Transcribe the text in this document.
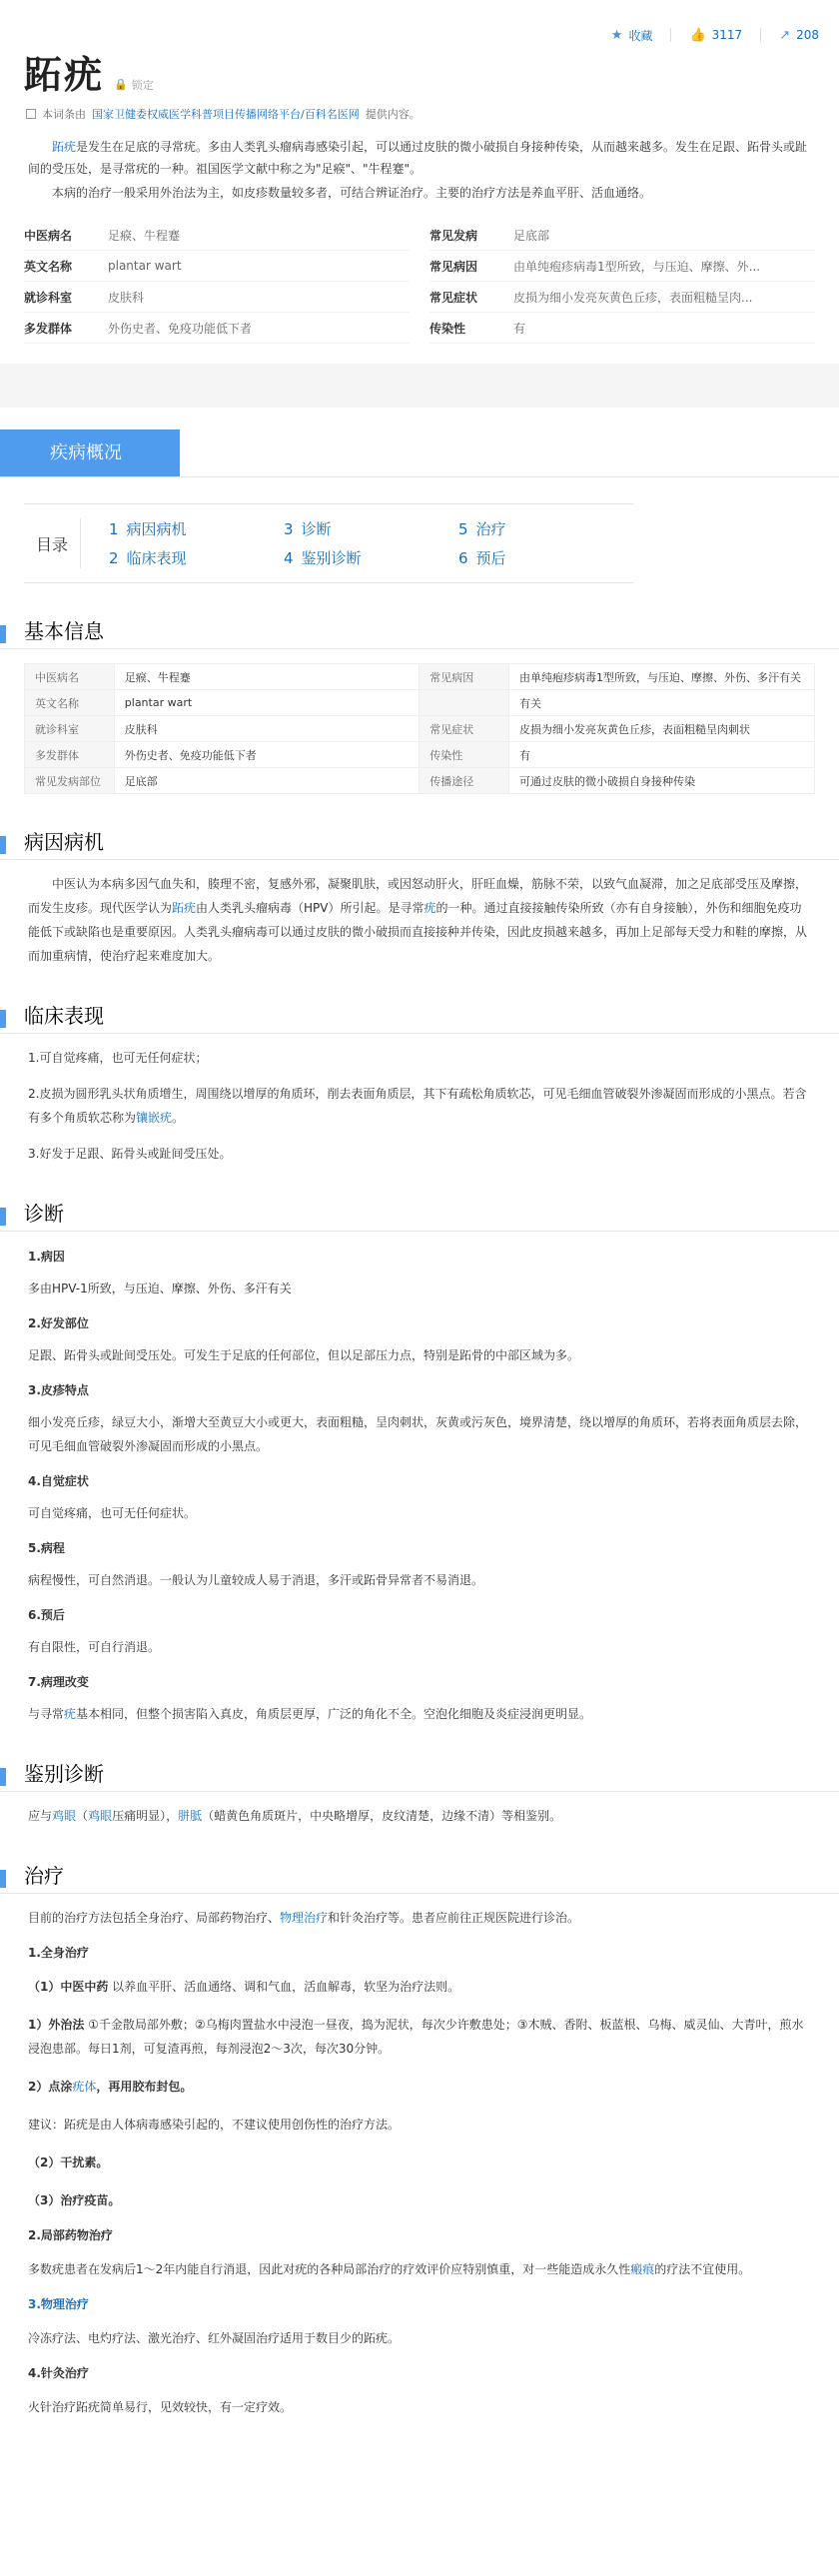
★ 收藏	👍 3117	↗ 208
跖疣 🔒 锁定
本词条由 国家卫健委权威医学科普项目传播网络平台/百科名医网 提供内容。

跖疣是发生在足底的寻常疣。多由人类乳头瘤病毒感染引起，可以通过皮肤的微小破损自身接种传染，从而越来越多。发生在足跟、跖骨头或趾间的受压处，是寻常疣的一种。祖国医学文献中称之为"足瘊"、"牛程蹇"。

本病的治疗一般采用外治法为主，如皮疹数量较多者，可结合辨证治疗。主要的治疗方法是养血平肝、活血通络。

中医病名	足瘊、牛程蹇	常见发病	足底部
英文名称	plantar wart	常见病因	由单纯疱疹病毒1型所致，与压迫、摩擦、外...
就诊科室	皮肤科	常见症状	皮损为细小发亮灰黄色丘疹，表面粗糙呈肉...
多发群体	外伤史者、免疫功能低下者	传染性	有
疾病概况
目录
1 病因病机	3 诊断	5 治疗
2 临床表现	4 鉴别诊断	6 预后
基本信息
中医病名	足瘊、牛程蹇	常见病因	由单纯疱疹病毒1型所致，与压迫、摩擦、外伤、多汗有关
英文名称	plantar wart		有关
就诊科室	皮肤科	常见症状	皮损为细小发亮灰黄色丘疹，表面粗糙呈肉刺状
多发群体	外伤史者、免疫功能低下者	传染性	有
常见发病部位	足底部	传播途径	可通过皮肤的微小破损自身接种传染
病因病机

中医认为本病多因气血失和，腠理不密，复感外邪，凝聚肌肤，或因怒动肝火，肝旺血燥，筋脉不荣，以致气血凝滞，加之足底部受压及摩擦，而发生皮疹。现代医学认为跖疣由人类乳头瘤病毒（HPV）所引起。是寻常疣的一种。通过直接接触传染所致（亦有自身接触），外伤和细胞免疫功能低下或缺陷也是重要原因。人类乳头瘤病毒可以通过皮肤的微小破损而直接接种并传染，因此皮损越来越多，再加上足部每天受力和鞋的摩擦，从而加重病情，使治疗起来难度加大。

临床表现

1.可自觉疼痛，也可无任何症状；

2.皮损为圆形乳头状角质增生，周围绕以增厚的角质环，削去表面角质层，其下有疏松角质软芯，可见毛细血管破裂外渗凝固而形成的小黑点。若含有多个角质软芯称为镶嵌疣。

3.好发于足跟、跖骨头或趾间受压处。

诊断

1.病因

多由HPV-1所致，与压迫、摩擦、外伤、多汗有关

2.好发部位

足跟、跖骨头或趾间受压处。可发生于足底的任何部位，但以足部压力点，特别是跖骨的中部区域为多。

3.皮疹特点

细小发亮丘疹，绿豆大小，渐增大至黄豆大小或更大，表面粗糙，呈肉刺状，灰黄或污灰色，境界清楚，绕以增厚的角质环，若将表面角质层去除，可见毛细血管破裂外渗凝固而形成的小黑点。

4.自觉症状

可自觉疼痛，也可无任何症状。

5.病程

病程慢性，可自然消退。一般认为儿童较成人易于消退，多汗或跖骨异常者不易消退。

6.预后

有自限性，可自行消退。

7.病理改变

与寻常疣基本相同，但整个损害陷入真皮，角质层更厚，广泛的角化不全。空泡化细胞及炎症浸润更明显。

鉴别诊断

应与鸡眼（鸡眼压痛明显），胼胝（蜡黄色角质斑片，中央略增厚，皮纹清楚，边缘不清）等相鉴别。

治疗

目前的治疗方法包括全身治疗、局部药物治疗、物理治疗和针灸治疗等。患者应前往正规医院进行诊治。

1.全身治疗

（1）中医中药 以养血平肝、活血通络、调和气血，活血解毒，软坚为治疗法则。

1）外治法 ①千金散局部外敷；②乌梅肉置盐水中浸泡一昼夜，捣为泥状，每次少许敷患处；③木贼、香附、板蓝根、乌梅、威灵仙、大青叶，煎水浸泡患部。每日1剂，可复渣再煎，每剂浸泡2～3次，每次30分钟。

2）点涂疣体，再用胶布封包。

建议：跖疣是由人体病毒感染引起的，不建议使用创伤性的治疗方法。

（2）干扰素。

（3）治疗疫苗。

2.局部药物治疗

多数疣患者在发病后1～2年内能自行消退，因此对疣的各种局部治疗的疗效评价应特别慎重，对一些能造成永久性瘢痕的疗法不宜使用。

3.物理治疗

冷冻疗法、电灼疗法、激光治疗、红外凝固治疗适用于数目少的跖疣。

4.针灸治疗

火针治疗跖疣简单易行，见效较快，有一定疗效。
